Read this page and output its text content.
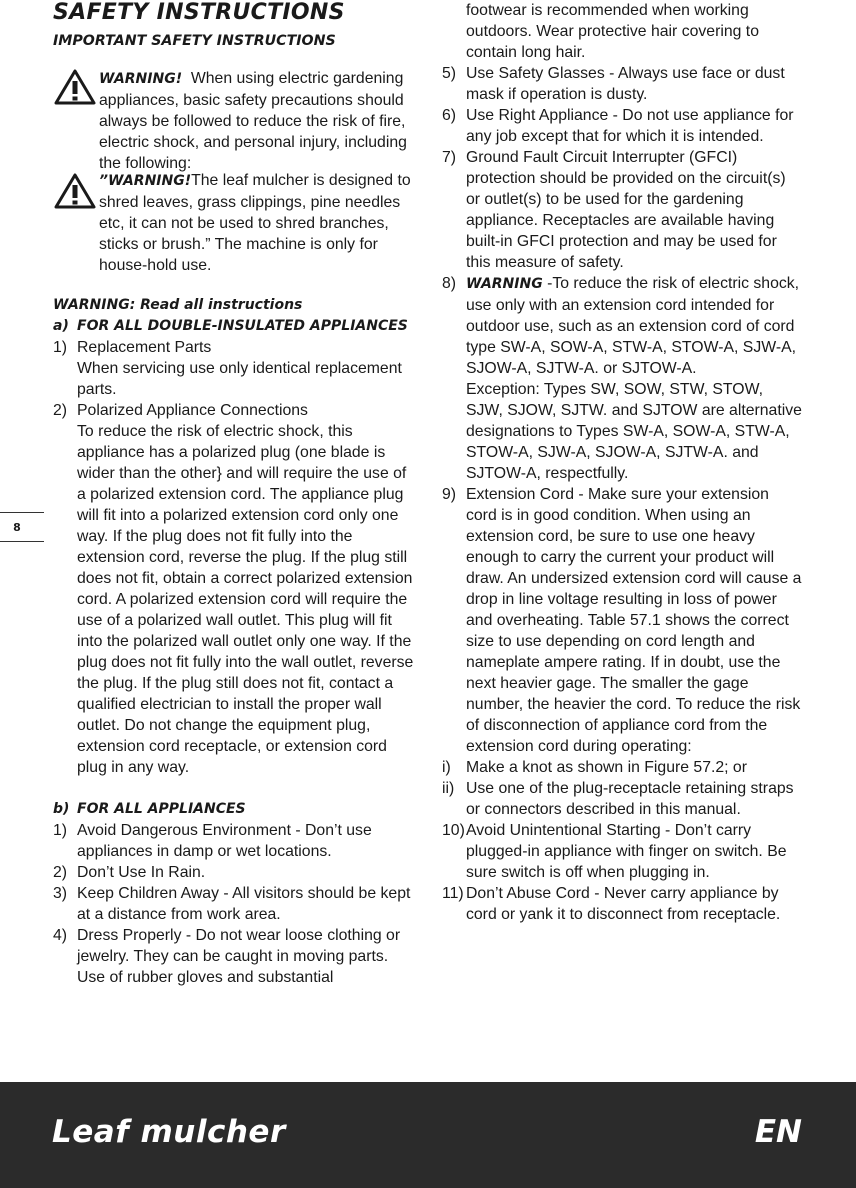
SAFETY INSTRUCTIONS
IMPORTANT SAFETY INSTRUCTIONS

WARNING! When using electric gardening appliances, basic safety precautions should always be followed to reduce the risk of fire, electric shock, and personal injury, including the following:

”WARNING!The leaf mulcher is designed to shred leaves, grass clippings, pine needles etc, it can not be used to shred branches, sticks or brush.” The machine is only for house-hold use.

WARNING: Read all instructions

a) FOR ALL DOUBLE-INSULATED APPLIANCES
1) Replacement Parts
When servicing use only identical replacement parts.
2) Polarized Appliance Connections
To reduce the risk of electric shock, this appliance has a polarized plug (one blade is wider than the other} and will require the use of a polarized extension cord. The appliance plug will fit into a polarized extension cord only one way. If the plug does not fit fully into the extension cord, reverse the plug. If the plug still does not fit, obtain a correct polarized extension cord. A polarized extension cord will require the use of a polarized wall outlet. This plug will fit into the polarized wall outlet only one way. If the plug does not fit fully into the wall outlet, reverse the plug. If the plug still does not fit, contact a qualified electrician to install the proper wall outlet. Do not change the equipment plug, extension cord receptacle, or extension cord plug in any way.
b) FOR ALL APPLIANCES
1) Avoid Dangerous Environment - Don’t use appliances in damp or wet locations.
2) Don’t Use In Rain.
3) Keep Children Away - All visitors should be kept at a distance from work area.
4) Dress Properly - Do not wear loose clothing or jewelry. They can be caught in moving parts. Use of rubber gloves and substantial

footwear is recommended when working outdoors. Wear protective hair covering to contain long hair.

5) Use Safety Glasses - Always use face or dust mask if operation is dusty.
6) Use Right Appliance - Do not use appliance for any job except that for which it is intended.
7) Ground Fault Circuit Interrupter (GFCI) protection should be provided on the circuit(s) or outlet(s) to be used for the gardening appliance. Receptacles are available having built-in GFCI protection and may be used for this measure of safety.
8) WARNING -To reduce the risk of electric shock, use only with an extension cord intended for outdoor use, such as an extension cord of cord type SW-A, SOW-A, STW-A, STOW-A, SJW-A, SJOW-A, SJTW-A. or SJTOW-A.
Exception: Types SW, SOW, STW, STOW, SJW, SJOW, SJTW. and SJTOW are alternative designations to Types SW-A, SOW-A, STW-A, STOW-A, SJW-A, SJOW-A, SJTW-A. and SJTOW-A, respectfully.
9) Extension Cord - Make sure your extension cord is in good condition. When using an extension cord, be sure to use one heavy enough to carry the current your product will draw. An undersized extension cord will cause a drop in line voltage resulting in loss of power and overheating. Table 57.1 shows the correct size to use depending on cord length and nameplate ampere rating. If in doubt, use the next heavier gage. The smaller the gage number, the heavier the cord. To reduce the risk of disconnection of appliance cord from the extension cord during operating:
i) Make a knot as shown in Figure 57.2; or
ii) Use one of the plug-receptacle retaining straps or connectors described in this manual.
10) Avoid Unintentional Starting - Don’t carry plugged-in appliance with finger on switch. Be sure switch is off when plugging in.
11) Don’t Abuse Cord - Never carry appliance by cord or yank it to disconnect from receptacle.
8
Leaf mulcher	EN
